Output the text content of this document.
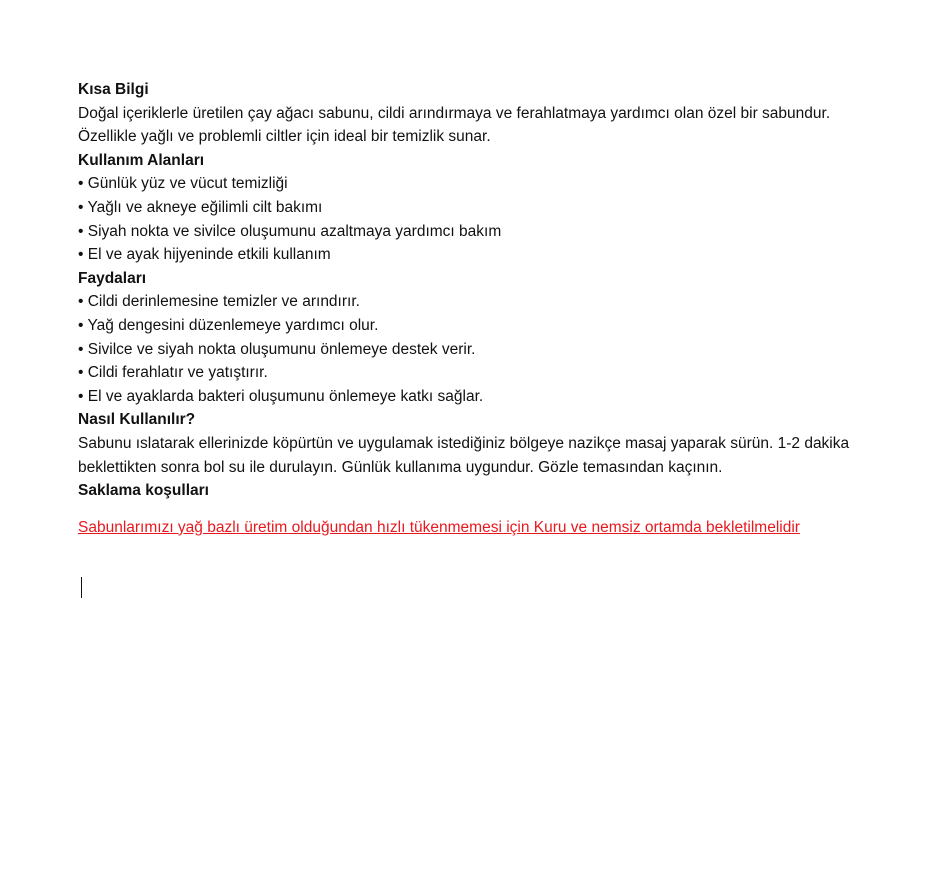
Kısa Bilgi
Doğal içeriklerle üretilen çay ağacı sabunu, cildi arındırmaya ve ferahlatmaya yardımcı olan özel bir sabundur. Özellikle yağlı ve problemli ciltler için ideal bir temizlik sunar.
Kullanım Alanları
• Günlük yüz ve vücut temizliği
• Yağlı ve akneye eğilimli cilt bakımı
• Siyah nokta ve sivilce oluşumunu azaltmaya yardımcı bakım
• El ve ayak hijyeninde etkili kullanım
Faydaları
• Cildi derinlemesine temizler ve arındırır.
• Yağ dengesini düzenlemeye yardımcı olur.
• Sivilce ve siyah nokta oluşumunu önlemeye destek verir.
• Cildi ferahlatır ve yatıştırır.
• El ve ayaklarda bakteri oluşumunu önlemeye katkı sağlar.
Nasıl Kullanılır?
Sabunu ıslatarak ellerinizde köpürtün ve uygulamak istediğiniz bölgeye nazikçe masaj yaparak sürün. 1-2 dakika beklettikten sonra bol su ile durulayın. Günlük kullanıma uygundur. Gözle temasından kaçının.
Saklama koşulları
Sabunlarımızı yağ bazlı üretim olduğundan hızlı tükenmemesi için Kuru ve nemsiz ortamda bekletilmelidir
